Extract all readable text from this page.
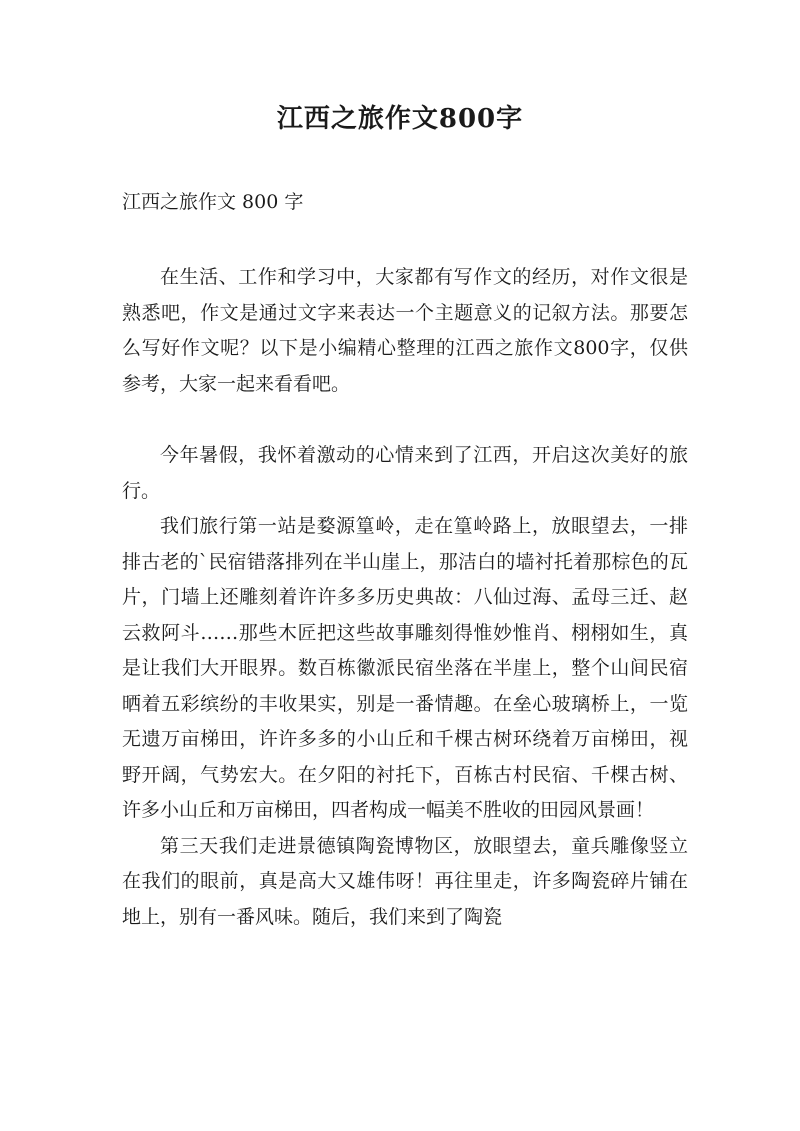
江西之旅作文800字

江西之旅作文 800 字

在生活、工作和学习中，大家都有写作文的经历，对作文很是熟悉吧，作文是通过文字来表达一个主题意义的记叙方法。那要怎么写好作文呢？以下是小编精心整理的江西之旅作文800字，仅供参考，大家一起来看看吧。

今年暑假，我怀着激动的心情来到了江西，开启这次美好的旅行。

我们旅行第一站是婺源篁岭，走在篁岭路上，放眼望去，一排排古老的`民宿错落排列在半山崖上，那洁白的墙衬托着那棕色的瓦片，门墙上还雕刻着许许多多历史典故：八仙过海、孟母三迁、赵云救阿斗……那些木匠把这些故事雕刻得惟妙惟肖、栩栩如生，真是让我们大开眼界。数百栋徽派民宿坐落在半崖上，整个山间民宿晒着五彩缤纷的丰收果实，别是一番情趣。在垒心玻璃桥上，一览无遗万亩梯田，许许多多的小山丘和千棵古树环绕着万亩梯田，视野开阔，气势宏大。在夕阳的衬托下，百栋古村民宿、千棵古树、许多小山丘和万亩梯田，四者构成一幅美不胜收的田园风景画！

第三天我们走进景德镇陶瓷博物区，放眼望去，童兵雕像竖立在我们的眼前，真是高大又雄伟呀！再往里走，许多陶瓷碎片铺在地上，别有一番风味。随后，我们来到了陶瓷
